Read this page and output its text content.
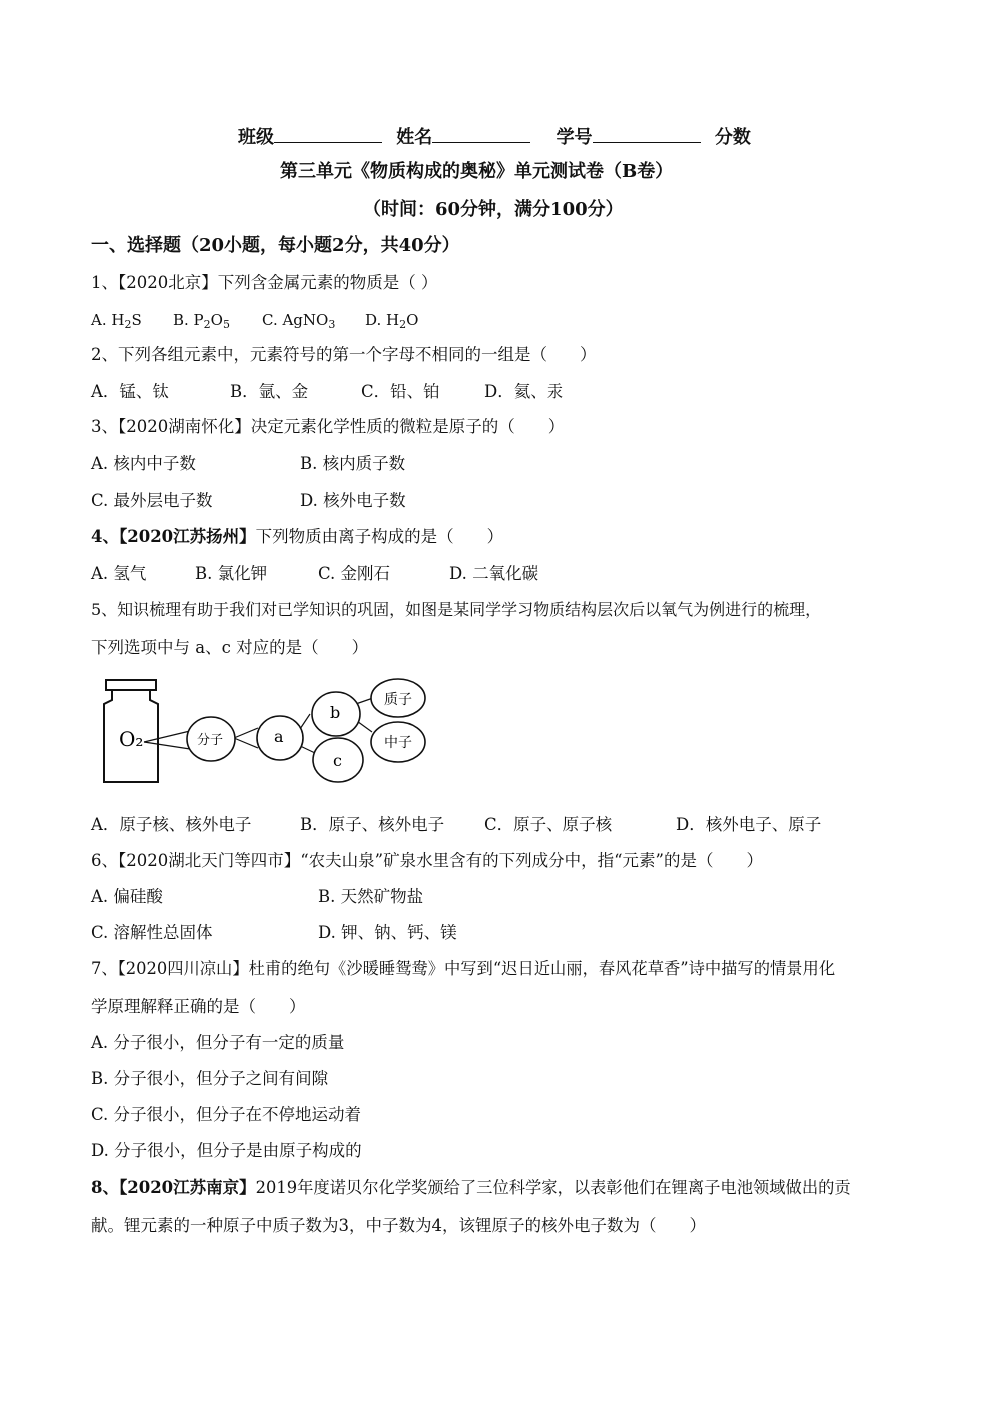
班级	姓名	学号	分数
第三单元《物质构成的奥秘》单元测试卷（B卷）
（时间：60分钟，满分100分）
一、选择题（20小题，每小题2分，共40分）
1、【2020北京】下列含金属元素的物质是（ ）
A. $H_2S$ B. $P_2O_5$ C. AgNO$_3$ D. $H_2O$
2、下列各组元素中，元素符号的第一个字母不相同的一组是（　　）
A．锰、钛	B．氩、金	C．铅、铂	D．氦、汞
3、【2020湖南怀化】决定元素化学性质的微粒是原子的（　　）
A. 核内中子数	B. 核内质子数
C. 最外层电子数	D. 核外电子数
4、【2020江苏扬州】下列物质由离子构成的是（　　）
A. 氢气	B. 氯化钾	C. 金刚石	D. 二氧化碳
5、知识梳理有助于我们对已学知识的巩固，如图是某同学学习物质结构层次后以氧气为例进行的梳理，
下列选项中与 a、c 对应的是（　　）
O₂	分子	a
b
c
质子
中子
A．原子核、核外电子	B．原子、核外电子 C．原子、原子核	D．核外电子、原子
6、【2020湖北天门等四市】“农夫山泉”矿泉水里含有的下列成分中，指“元素”的是（　　）
A. 偏硅酸	B. 天然矿物盐
C. 溶解性总固体	D. 钾、钠、钙、镁
7、【2020四川凉山】杜甫的绝句《沙暖睡鸳鸯》中写到“迟日近山丽，春风花草香”诗中描写的情景用化
学原理解释正确的是（　　）
A. 分子很小，但分子有一定的质量
B. 分子很小，但分子之间有间隙
C. 分子很小，但分子在不停地运动着
D. 分子很小，但分子是由原子构成的
8、【2020江苏南京】2019年度诺贝尔化学奖颁给了三位科学家，以表彰他们在锂离子电池领域做出的贡
献。锂元素的一种原子中质子数为3，中子数为4，该锂原子的核外电子数为（　　）
